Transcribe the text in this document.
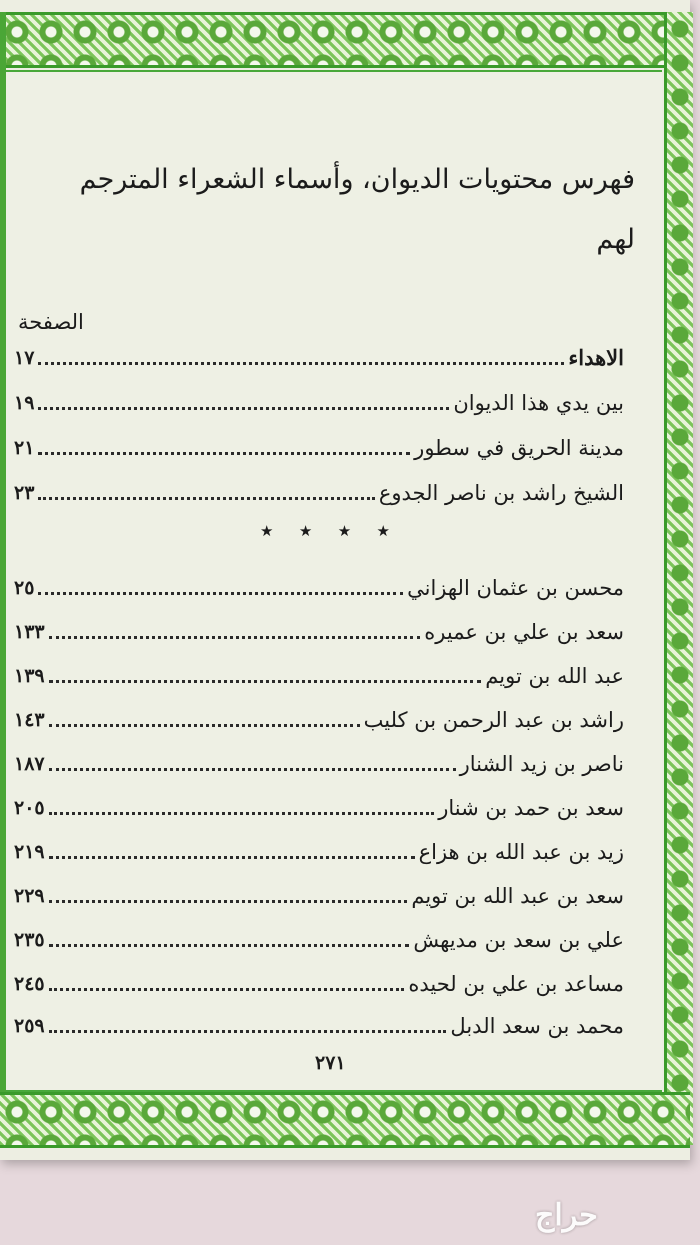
فهرس محتويات الديوان، وأسماء الشعراء المترجم لهم
الصفحة
الاهداء
١٧
بين يدي هذا الديوان
١٩
مدينة الحريق في سطور
٢١
الشيخ راشد بن ناصر الجدوع
٢٣
★ ★ ★ ★
محسن بن عثمان الهزاني
٢٥
سعد بن علي بن عميره
١٣٣
عبد الله بن تويم
١٣٩
راشد بن عبد الرحمن بن كليب
١٤٣
ناصر بن زيد الشنار
١٨٧
سعد بن حمد بن شنار
٢٠٥
زيد بن عبد الله بن هزاع
٢١٩
سعد بن عبد الله بن تويم
٢٢٩
علي بن سعد بن مديهش
٢٣٥
مساعد بن علي بن لحيده
٢٤٥
محمد بن سعد الدبل
٢٥٩
٢٧١
حراج
